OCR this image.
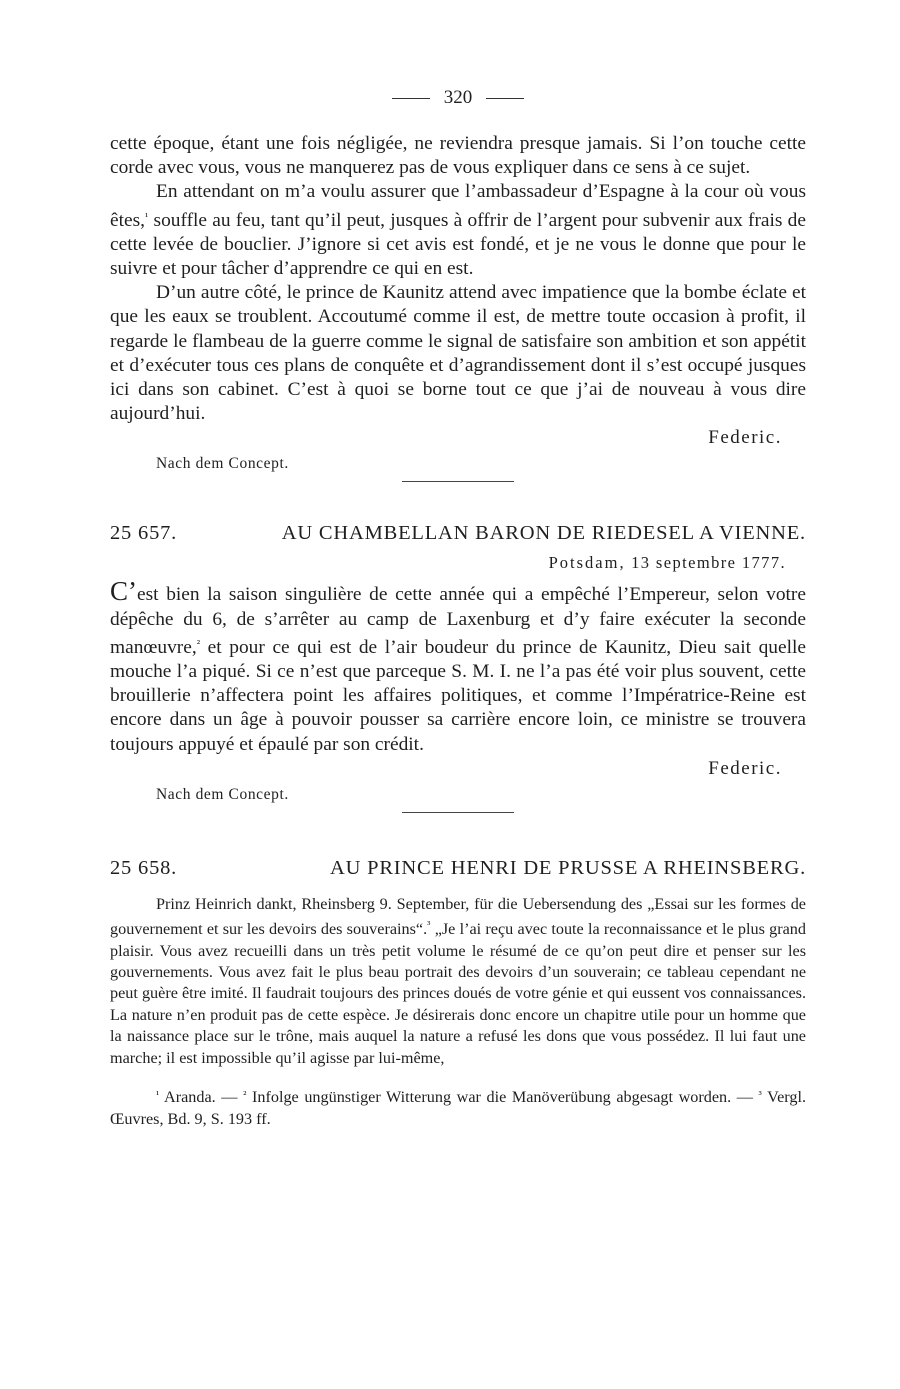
320

cette époque, étant une fois négligée, ne reviendra presque jamais. Si l’on touche cette corde avec vous, vous ne manquerez pas de vous expliquer dans ce sens à ce sujet.

En attendant on m’a voulu assurer que l’ambassadeur d’Espagne à la cour où vous êtes,$^{^1}$ souffle au feu, tant qu’il peut, jusques à offrir de l’argent pour subvenir aux frais de cette levée de bouclier. J’ignore si cet avis est fondé, et je ne vous le donne que pour le suivre et pour tâcher d’apprendre ce qui en est.

D’un autre côté, le prince de Kaunitz attend avec impatience que la bombe éclate et que les eaux se troublent. Accoutumé comme il est, de mettre toute occasion à profit, il regarde le flambeau de la guerre comme le signal de satisfaire son ambition et son appétit et d’exécuter tous ces plans de conquête et d’agrandissement dont il s’est occupé jusques ici dans son cabinet. C’est à quoi se borne tout ce que j’ai de nouveau à vous dire aujourd’hui.

Federic.
Nach dem Concept.
25 657.	AU CHAMBELLAN BARON DE RIEDESEL A VIENNE.
Potsdam, 13 septembre 1777.

C’est bien la saison singulière de cette année qui a empêché l’Empereur, selon votre dépêche du 6, de s’arrêter au camp de Laxenburg et d’y faire exécuter la seconde manœuvre,$^{^2}$ et pour ce qui est de l’air boudeur du prince de Kaunitz, Dieu sait quelle mouche l’a piqué. Si ce n’est que parceque S. M. I. ne l’a pas été voir plus souvent, cette brouillerie n’affectera point les affaires politiques, et comme l’Impératrice-Reine est encore dans un âge à pouvoir pousser sa carrière encore loin, ce ministre se trouvera toujours appuyé et épaulé par son crédit.

Federic.
Nach dem Concept.
25 658.	AU PRINCE HENRI DE PRUSSE A RHEINSBERG.

Prinz Heinrich dankt, Rheinsberg 9. September, für die Uebersendung des „Essai sur les formes de gouvernement et sur les devoirs des souverains“.$^{^3}$ „Je l’ai reçu avec toute la reconnaissance et le plus grand plaisir. Vous avez recueilli dans un très petit volume le résumé de ce qu’on peut dire et penser sur les gouvernements. Vous avez fait le plus beau portrait des devoirs d’un souverain; ce tableau cependant ne peut guère être imité. Il faudrait toujours des princes doués de votre génie et qui eussent vos connaissances. La nature n’en produit pas de cette espèce. Je désirerais donc encore un chapitre utile pour un homme que la naissance place sur le trône, mais auquel la nature a refusé les dons que vous possédez. Il lui faut une marche; il est impossible qu’il agisse par lui-même,

$^{^1}$ Aranda. — $^{^2}$ Infolge ungünstiger Witterung war die Manöverübung abgesagt worden. — $^{^3}$ Vergl. Œuvres, Bd. 9, S. 193 ff.
